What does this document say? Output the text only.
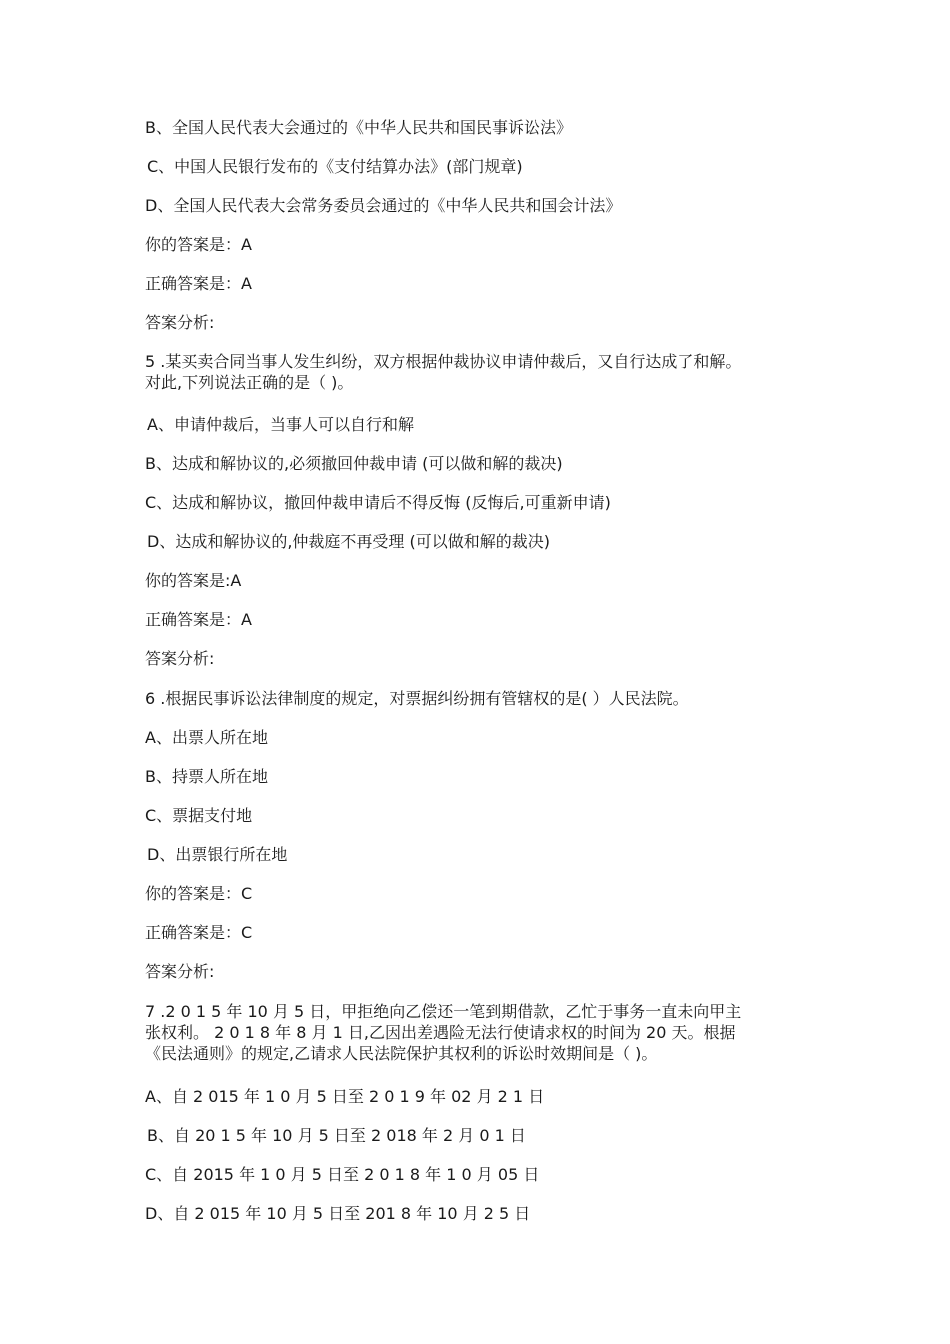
B、全国人民代表大会通过的《中华人民共和国民事诉讼法》
C、中国人民银行发布的《支付结算办法》(部门规章)
D、全国人民代表大会常务委员会通过的《中华人民共和国会计法》
你的答案是：A
正确答案是：A
答案分析:
5 .某买卖合同当事人发生纠纷，双方根据仲裁协议申请仲裁后，又自行达成了和解。
对此,下列说法正确的是（ )。
A、申请仲裁后，当事人可以自行和解
B、达成和解协议的,必须撤回仲裁申请 (可以做和解的裁决)
C、达成和解协议，撤回仲裁申请后不得反悔 (反悔后,可重新申请)
D、达成和解协议的,仲裁庭不再受理 (可以做和解的裁决)
你的答案是:A
正确答案是：A
答案分析:
6 .根据民事诉讼法律制度的规定，对票据纠纷拥有管辖权的是( ）人民法院。
A、出票人所在地
B、持票人所在地
C、票据支付地
D、出票银行所在地
你的答案是：C
正确答案是：C
答案分析:
7 .2 0 1 5 年 10 月 5 日，甲拒绝向乙偿还一笔到期借款，乙忙于事务一直未向甲主
张权利。 2 0 1 8 年 8 月 1 日,乙因出差遇险无法行使请求权的时间为 20 天。根据
《民法通则》的规定,乙请求人民法院保护其权利的诉讼时效期间是（ )。
A、自 2 015 年 1 0 月 5 日至 2 0 1 9 年 02 月 2 1 日
B、自 20 1 5 年 10 月 5 日至 2 018 年 2 月 0 1 日
C、自 2015 年 1 0 月 5 日至 2 0 1 8 年 1 0 月 05 日
D、自 2 015 年 10 月 5 日至 201 8 年 10 月 2 5 日
